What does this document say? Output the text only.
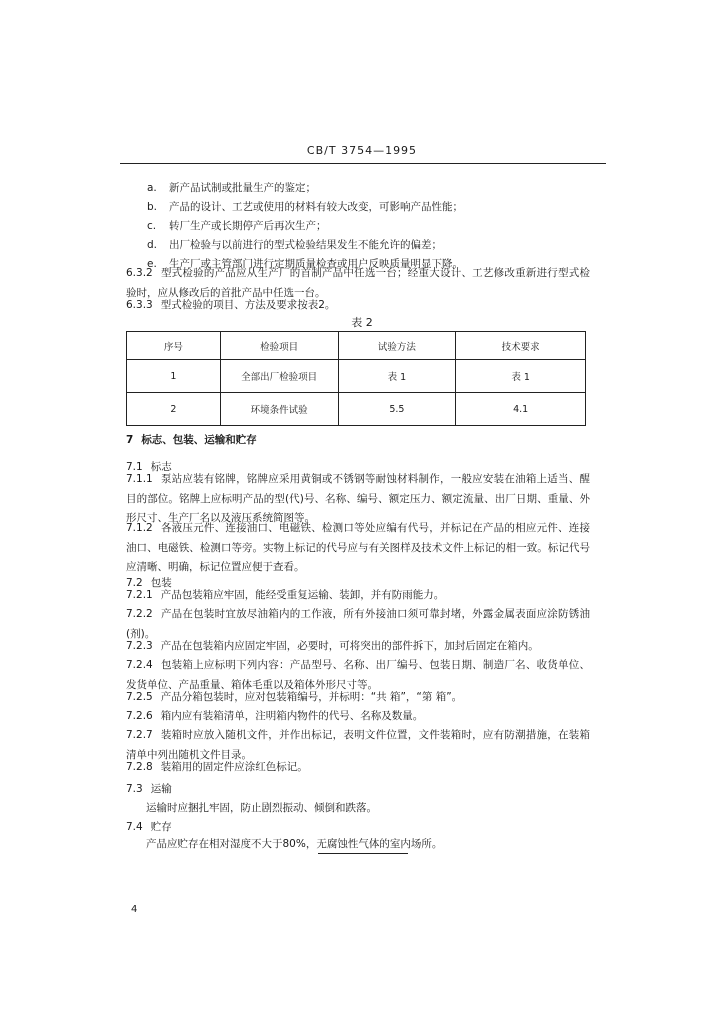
CB/T 3754—1995
a. 新产品试制或批量生产的鉴定；
b. 产品的设计、工艺或使用的材料有较大改变，可影响产品性能；
c. 转厂生产或长期停产后再次生产；
d. 出厂检验与以前进行的型式检验结果发生不能允许的偏差；
e. 生产厂或主管部门进行定期质量检查或用户反映质量明显下降。
6.3.2 型式检验的产品应从生产厂的首制产品中任选一台；经重大设计、工艺修改重新进行型式检验时，应从修改后的首批产品中任选一台。
6.3.3 型式检验的项目、方法及要求按表2。
表 2
序号	检验项目	试验方法	技术要求
1	全部出厂检验项目	表 1	表 1
2	环境条件试验	5.5	4.1
7 标志、包装、运输和贮存
7.1 标志
7.1.1 泵站应装有铭牌，铭牌应采用黄铜或不锈钢等耐蚀材料制作，一般应安装在油箱上适当、醒目的部位。铭牌上应标明产品的型(代)号、名称、编号、额定压力、额定流量、出厂日期、重量、外形尺寸、生产厂名以及液压系统简图等。
7.1.2 各液压元件、连接油口、电磁铁、检测口等处应编有代号，并标记在产品的相应元件、连接油口、电磁铁、检测口等旁。实物上标记的代号应与有关图样及技术文件上标记的相一致。标记代号应清晰、明确，标记位置应便于查看。
7.2 包装
7.2.1 产品包装箱应牢固，能经受重复运输、装卸，并有防雨能力。
7.2.2 产品在包装时宜放尽油箱内的工作液，所有外接油口须可靠封堵，外露金属表面应涂防锈油(剂)。
7.2.3 产品在包装箱内应固定牢固，必要时，可将突出的部件拆下，加封后固定在箱内。
7.2.4 包装箱上应标明下列内容：产品型号、名称、出厂编号、包装日期、制造厂名、收货单位、发货单位、产品重量、箱体毛重以及箱体外形尺寸等。
7.2.5 产品分箱包装时，应对包装箱编号，并标明：“共 箱”，“第 箱”。
7.2.6 箱内应有装箱清单，注明箱内物件的代号、名称及数量。
7.2.7 装箱时应放入随机文件，并作出标记，表明文件位置，文件装箱时，应有防潮措施，在装箱清单中列出随机文件目录。
7.2.8 装箱用的固定件应涂红色标记。
7.3 运输
运输时应捆扎牢固，防止剧烈振动、倾倒和跌落。
7.4 贮存
产品应贮存在相对湿度不大于80%，无腐蚀性气体的室内场所。
4
